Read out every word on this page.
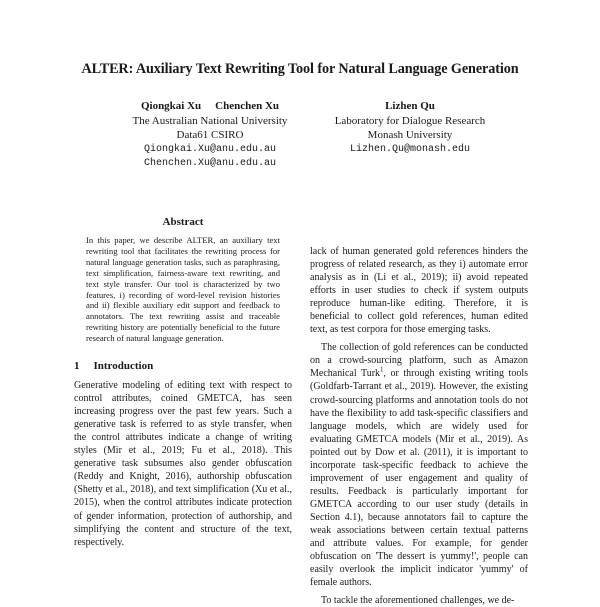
ALTER: Auxiliary Text Rewriting Tool for Natural Language Generation
Qiongkai Xu Chenchen Xu
The Australian National University
Data61 CSIRO
Qiongkai.Xu@anu.edu.au
Chenchen.Xu@anu.edu.au
Lizhen Qu
Laboratory for Dialogue Research
Monash University
Lizhen.Qu@monash.edu
Abstract

In this paper, we describe ALTER, an auxiliary text rewriting tool that facilitates the rewriting process for natural language generation tasks, such as paraphrasing, text simplification, fairness-aware text rewriting, and text style transfer. Our tool is characterized by two features, i) recording of word-level revision histories and ii) flexible auxiliary edit support and feedback to annotators. The text rewriting assist and traceable rewriting history are potentially beneficial to the future research of natural language generation.

1 Introduction

Generative modeling of editing text with respect to control attributes, coined GMETCA, has seen increasing progress over the past few years. Such a generative task is referred to as style transfer, when the control attributes indicate a change of writing styles (Mir et al., 2019; Fu et al., 2018). This generative task subsumes also gender obfuscation (Reddy and Knight, 2016), authorship obfuscation (Shetty et al., 2018), and text simplification (Xu et al., 2015), when the control attributes indicate protection of gender information, protection of authorship, and simplifying the content and structure of the text, respectively.

lack of human generated gold references hinders the progress of related research, as they i) automate error analysis as in (Li et al., 2019); ii) avoid repeated efforts in user studies to check if system outputs reproduce human-like editing. Therefore, it is beneficial to collect gold references, human edited text, as test corpora for those emerging tasks.

The collection of gold references can be conducted on a crowd-sourcing platform, such as Amazon Mechanical Turk$^1$, or through existing writing tools (Goldfarb-Tarrant et al., 2019). However, the existing crowd-sourcing platforms and annotation tools do not have the flexibility to add task-specific classifiers and language models, which are widely used for evaluating GMETCA models (Mir et al., 2019). As pointed out by Dow et al. (2011), it is important to incorporate task-specific feedback to achieve the improvement of user engagement and quality of results. Feedback is particularly important for GMETCA according to our user study (details in Section 4.1), because annotators fail to capture the weak associations between certain textual patterns and attribute values. For example, for gender obfuscation on 'The dessert is yummy!', people can easily overlook the implicit indicator 'yummy' of female authors.

To tackle the aforementioned challenges, we de-
